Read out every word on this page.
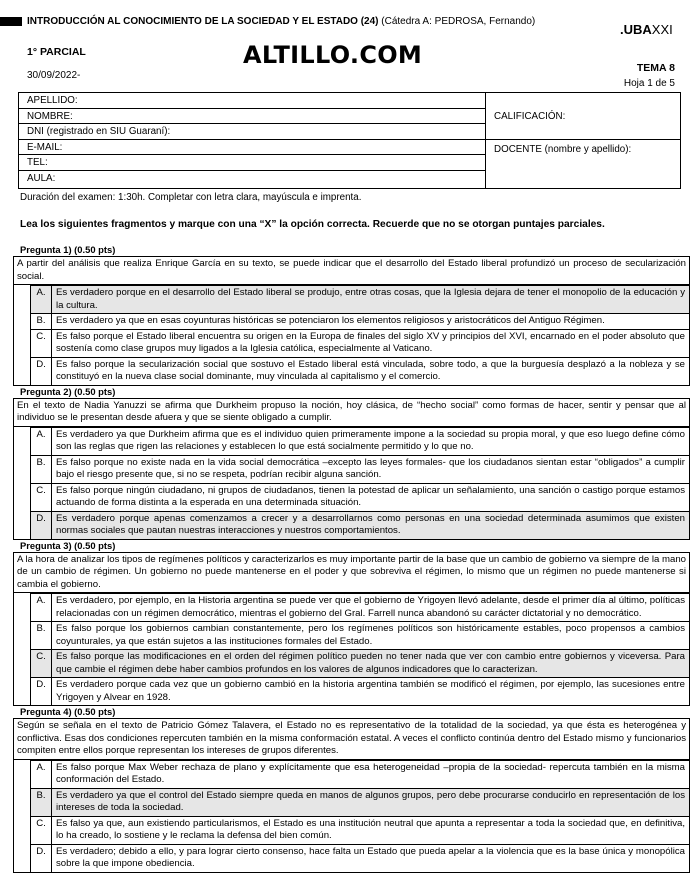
INTRODUCCIÓN AL CONOCIMIENTO DE LA SOCIEDAD Y EL ESTADO (24) (Cátedra A: PEDROSA, Fernando)
1° PARCIAL
30/09/2022-
ALTILLO.COM
.UBAXXI
TEMA 8
Hoja 1 de 5
APELLIDO:
NOMBRE:
DNI (registrado en SIU Guaraní):
E-MAIL:
TEL:
AULA:
CALIFICACIÓN:
DOCENTE (nombre y apellido):
Duración del examen: 1:30h. Completar con letra clara, mayúscula e imprenta.
Lea los siguientes fragmentos y marque con una “X” la opción correcta. Recuerde que no se otorgan puntajes parciales.
Pregunta 1) (0.50 pts)
A partir del análisis que realiza Enrique García en su texto, se puede indicar que el desarrollo del Estado liberal profundizó un proceso de secularización social.
A.	Es verdadero porque en el desarrollo del Estado liberal se produjo, entre otras cosas, que la Iglesia dejara de tener el monopolio de la educación y la cultura.
B.	Es verdadero ya que en esas coyunturas históricas se potenciaron los elementos religiosos y aristocráticos del Antiguo Régimen.
C.	Es falso porque el Estado liberal encuentra su origen en la Europa de finales del siglo XV y principios del XVI, encarnado en el poder absoluto que sostenía como clase grupos muy ligados a la Iglesia católica, especialmente al Vaticano.
D.	Es falso porque la secularización social que sostuvo el Estado liberal está vinculada, sobre todo, a que la burguesía desplazó a la nobleza y se constituyó en la nueva clase social dominante, muy vinculada al capitalismo y el comercio.
Pregunta 2) (0.50 pts)
En el texto de Nadia Yanuzzi se afirma que Durkheim propuso la noción, hoy clásica, de “hecho social” como formas de hacer, sentir y pensar que al individuo se le presentan desde afuera y que se siente obligado a cumplir.
A.	Es verdadero ya que Durkheim afirma que es el individuo quien primeramente impone a la sociedad su propia moral, y que eso luego define cómo son las reglas que rigen las relaciones y establecen lo que está socialmente permitido y lo que no.
B.	Es falso porque no existe nada en la vida social democrática –excepto las leyes formales- que los ciudadanos sientan estar “obligados” a cumplir bajo el riesgo presente que, si no se respeta, podrían recibir alguna sanción.
C.	Es falso porque ningún ciudadano, ni grupos de ciudadanos, tienen la potestad de aplicar un señalamiento, una sanción o castigo porque estamos actuando de forma distinta a la esperada en una determinada situación.
D.	Es verdadero porque apenas comenzamos a crecer y a desarrollarnos como personas en una sociedad determinada asumimos que existen normas sociales que pautan nuestras interacciones y nuestros comportamientos.
Pregunta 3) (0.50 pts)
A la hora de analizar los tipos de regímenes políticos y caracterizarlos es muy importante partir de la base que un cambio de gobierno va siempre de la mano de un cambio de régimen. Un gobierno no puede mantenerse en el poder y que sobreviva el régimen, lo mismo que un régimen no puede mantenerse si cambia el gobierno.
A.	Es verdadero, por ejemplo, en la Historia argentina se puede ver que el gobierno de Yrigoyen llevó adelante, desde el primer día al último, políticas relacionadas con un régimen democrático, mientras el gobierno del Gral. Farrell nunca abandonó su carácter dictatorial y no democrático.
B.	Es falso porque los gobiernos cambian constantemente, pero los regímenes políticos son históricamente estables, poco propensos a cambios coyunturales, ya que están sujetos a las instituciones formales del Estado.
C.	Es falso porque las modificaciones en el orden del régimen político pueden no tener nada que ver con cambio entre gobiernos y viceversa. Para que cambie el régimen debe haber cambios profundos en los valores de algunos indicadores que lo caracterizan.
D.	Es verdadero porque cada vez que un gobierno cambió en la historia argentina también se modificó el régimen, por ejemplo, las sucesiones entre Yrigoyen y Alvear en 1928.
Pregunta 4) (0.50 pts)
Según se señala en el texto de Patricio Gómez Talavera, el Estado no es representativo de la totalidad de la sociedad, ya que ésta es heterogénea y conflictiva. Esas dos condiciones repercuten también en la misma conformación estatal. A veces el conflicto continúa dentro del Estado mismo y funcionarios compiten entre ellos porque representan los intereses de grupos diferentes.
A.	Es falso porque Max Weber rechaza de plano y explícitamente que esa heterogeneidad –propia de la sociedad- repercuta también en la misma conformación del Estado.
B.	Es verdadero ya que el control del Estado siempre queda en manos de algunos grupos, pero debe procurarse conducirlo en representación de los intereses de toda la sociedad.
C.	Es falso ya que, aun existiendo particularismos, el Estado es una institución neutral que apunta a representar a toda la sociedad que, en definitiva, lo ha creado, lo sostiene y le reclama la defensa del bien común.
D.	Es verdadero; debido a ello, y para lograr cierto consenso, hace falta un Estado que pueda apelar a la violencia que es la base única y monopólica sobre la que impone obediencia.
